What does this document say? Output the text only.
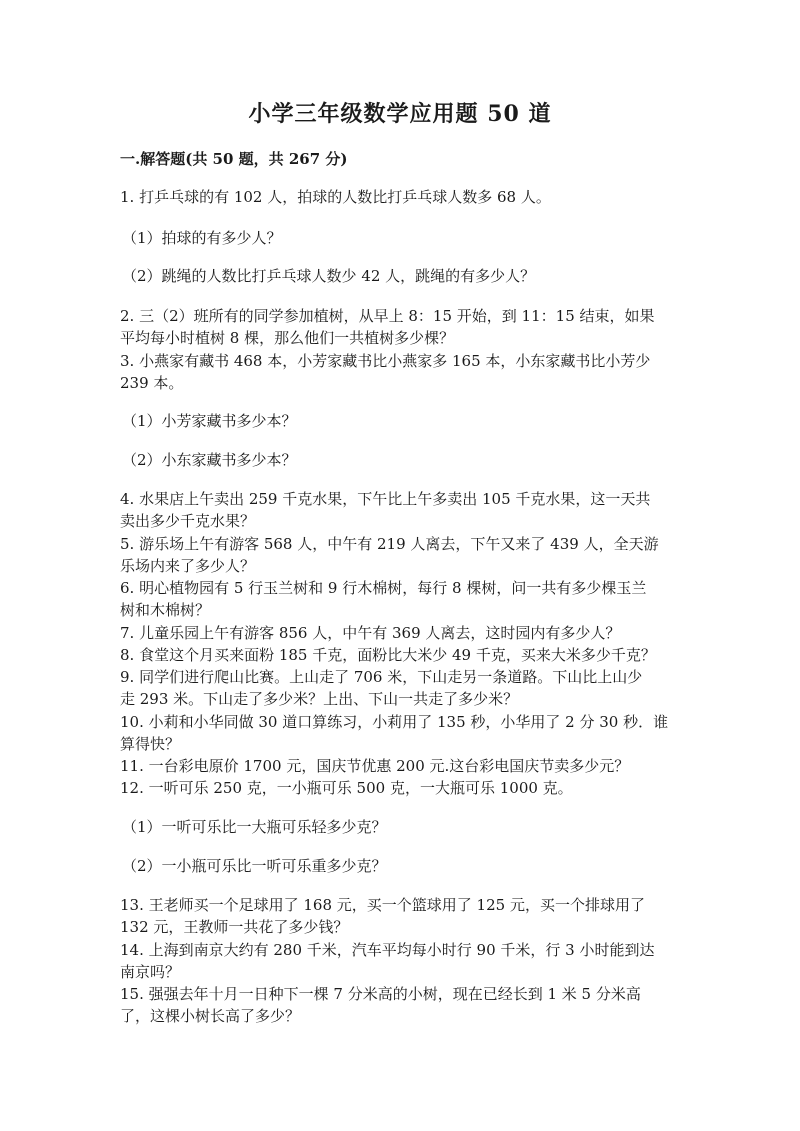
小学三年级数学应用题 50 道
一.解答题(共 50 题，共 267 分)
1. 打乒乓球的有 102 人，拍球的人数比打乒乓球人数多 68 人。
（1）拍球的有多少人？
（2）跳绳的人数比打乒乓球人数少 42 人，跳绳的有多少人？
2. 三（2）班所有的同学参加植树，从早上 8：15 开始，到 11：15 结束，如果
平均每小时植树 8 棵，那么他们一共植树多少棵？
3. 小燕家有藏书 468 本，小芳家藏书比小燕家多 165 本，小东家藏书比小芳少
239 本。
（1）小芳家藏书多少本？
（2）小东家藏书多少本？
4. 水果店上午卖出 259 千克水果，下午比上午多卖出 105 千克水果，这一天共
卖出多少千克水果？
5. 游乐场上午有游客 568 人，中午有 219 人离去，下午又来了 439 人，全天游
乐场内来了多少人？
6. 明心植物园有 5 行玉兰树和 9 行木棉树，每行 8 棵树，问一共有多少棵玉兰
树和木棉树？
7. 儿童乐园上午有游客 856 人，中午有 369 人离去，这时园内有多少人？
8. 食堂这个月买来面粉 185 千克，面粉比大米少 49 千克，买来大米多少千克？
9. 同学们进行爬山比赛。上山走了 706 米，下山走另一条道路。下山比上山少
走 293 米。下山走了多少米？上出、下山一共走了多少米？
10. 小莉和小华同做 30 道口算练习，小莉用了 135 秒，小华用了 2 分 30 秒．谁
算得快？
11. 一台彩电原价 1700 元，国庆节优惠 200 元.这台彩电国庆节卖多少元？
12. 一听可乐 250 克，一小瓶可乐 500 克，一大瓶可乐 1000 克。
（1）一听可乐比一大瓶可乐轻多少克？
（2）一小瓶可乐比一听可乐重多少克？
13. 王老师买一个足球用了 168 元，买一个篮球用了 125 元，买一个排球用了
132 元，王教师一共花了多少钱？
14. 上海到南京大约有 280 千米，汽车平均每小时行 90 千米，行 3 小时能到达
南京吗？
15. 强强去年十月一日种下一棵 7 分米高的小树，现在已经长到 1 米 5 分米高
了，这棵小树长高了多少？
